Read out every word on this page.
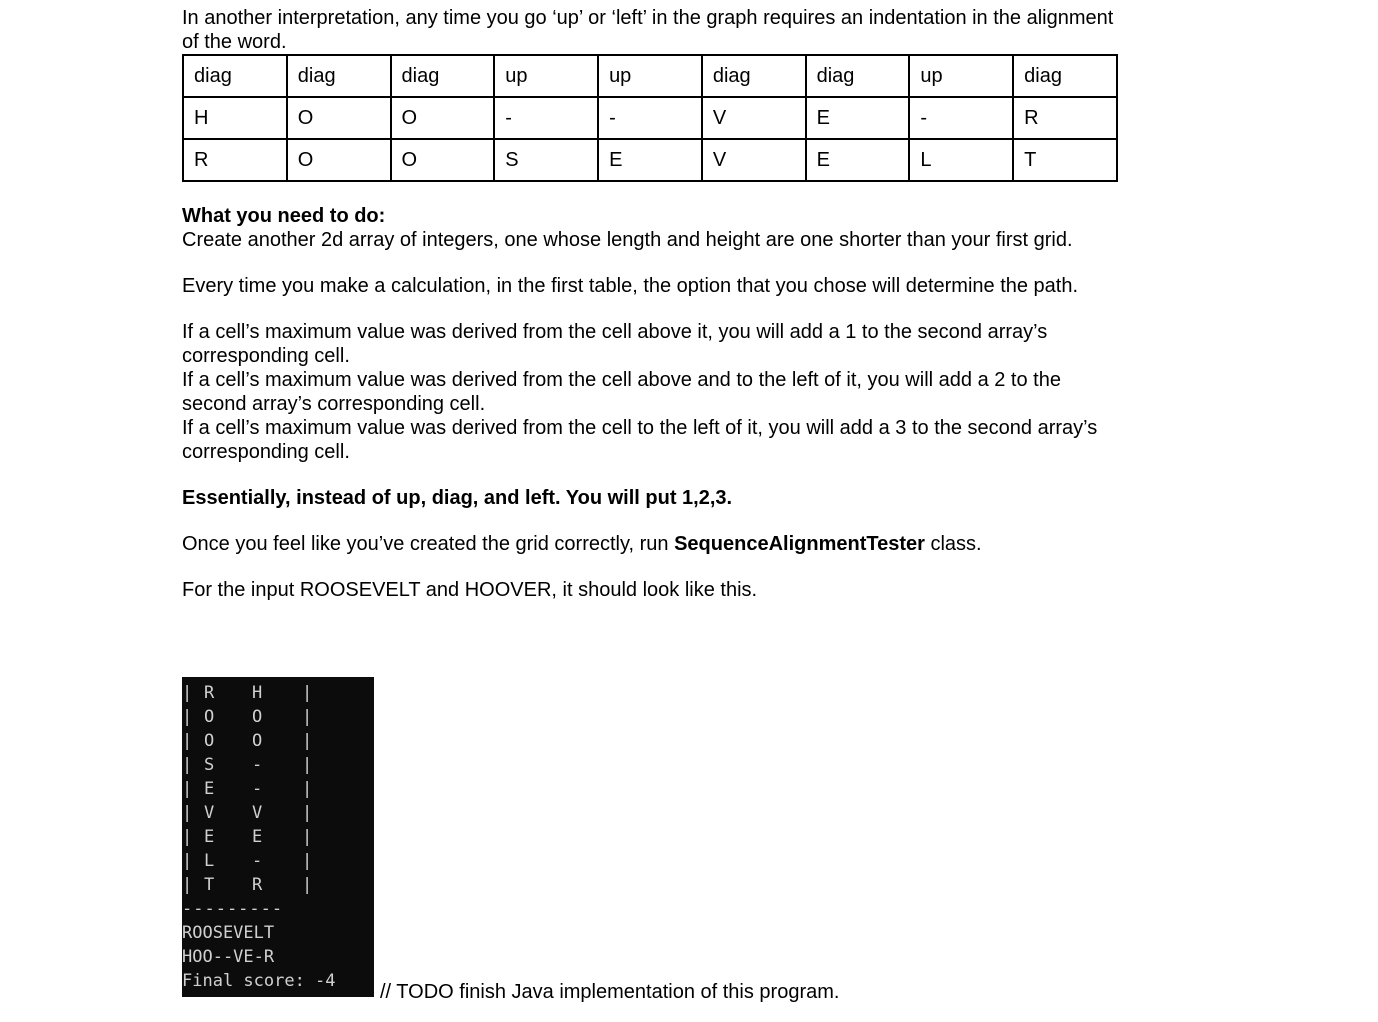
In another interpretation, any time you go ‘up’ or ‘left’ in the graph requires an indentation in the alignment of the word.

diag	diag	diag	up	up	diag	diag	up	diag
H	O	O	-	-	V	E	-	R
R	O	O	S	E	V	E	L	T

What you need to do:

Create another 2d array of integers, one whose length and height are one shorter than your first grid.

Every time you make a calculation, in the first table, the option that you chose will determine the path.

If a cell’s maximum value was derived from the cell above it, you will add a 1 to the second array’s corresponding cell.

If a cell’s maximum value was derived from the cell above and to the left of it, you will add a 2 to the second array’s corresponding cell.

If a cell’s maximum value was derived from the cell to the left of it, you will add a 3 to the second array’s corresponding cell.

Essentially, instead of up, diag, and left. You will put 1,2,3.

Once you feel like you’ve created the grid correctly, run SequenceAlignmentTester class.

For the input ROOSEVELT and HOOVER, it should look like this.

| R H |
| O O |
| O O |
| S - |
| E - |
| V V |
| E E |
| L - |
| T R |
---------
ROOSEVELT
HOO--VE-R
Final score: -4 // TODO finish Java implementation of this program.
